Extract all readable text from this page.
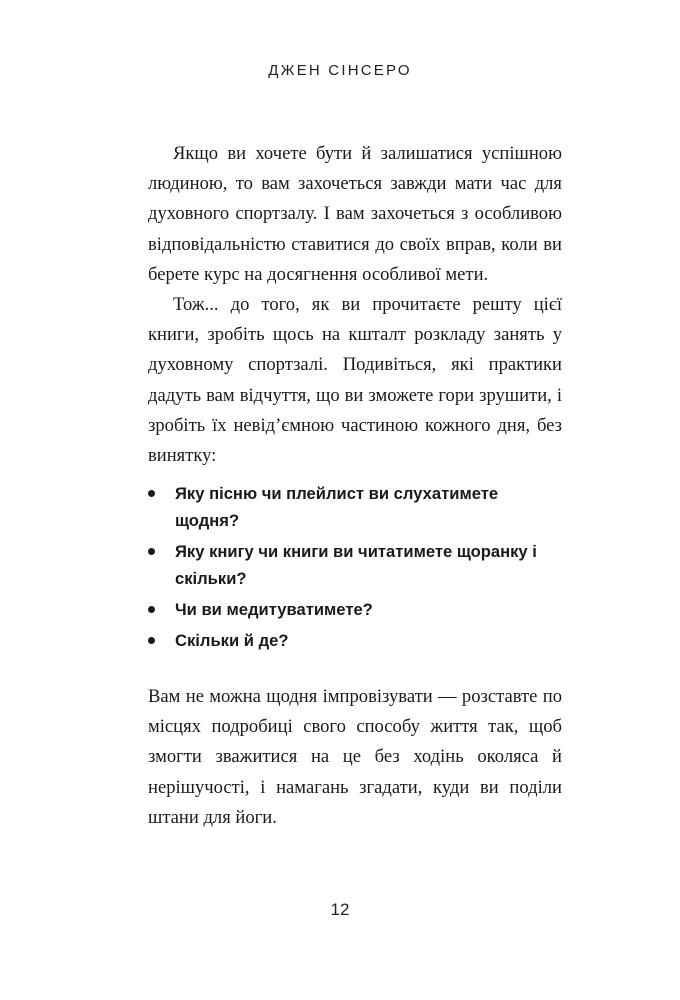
ДЖЕН СІНСЕРО

Якщо ви хочете бути й залишатися успішною людиною, то вам захочеться завжди мати час для духовного спортзалу. І вам захочеться з особливою відповідальністю ставитися до своїх вправ, коли ви берете курс на досягнення особливої мети.

Тож... до того, як ви прочитаєте решту цієї книги, зробіть щось на кшталт розкладу занять у духовному спортзалі. Подивіться, які практики дадуть вам відчуття, що ви зможете гори зрушити, і зробіть їх невід’ємною частиною кожного дня, без винятку:

Яку пісню чи плейлист ви слухатимете щодня?
Яку книгу чи книги ви читатимете щоранку і скільки?
Чи ви медитуватимете?
Скільки й де?

Вам не можна щодня імпровізувати — розставте по місцях подробиці свого способу життя так, щоб змогти зважитися на це без ходінь околяса й нерішучості, і намагань згадати, куди ви поділи штани для йоги.

12
